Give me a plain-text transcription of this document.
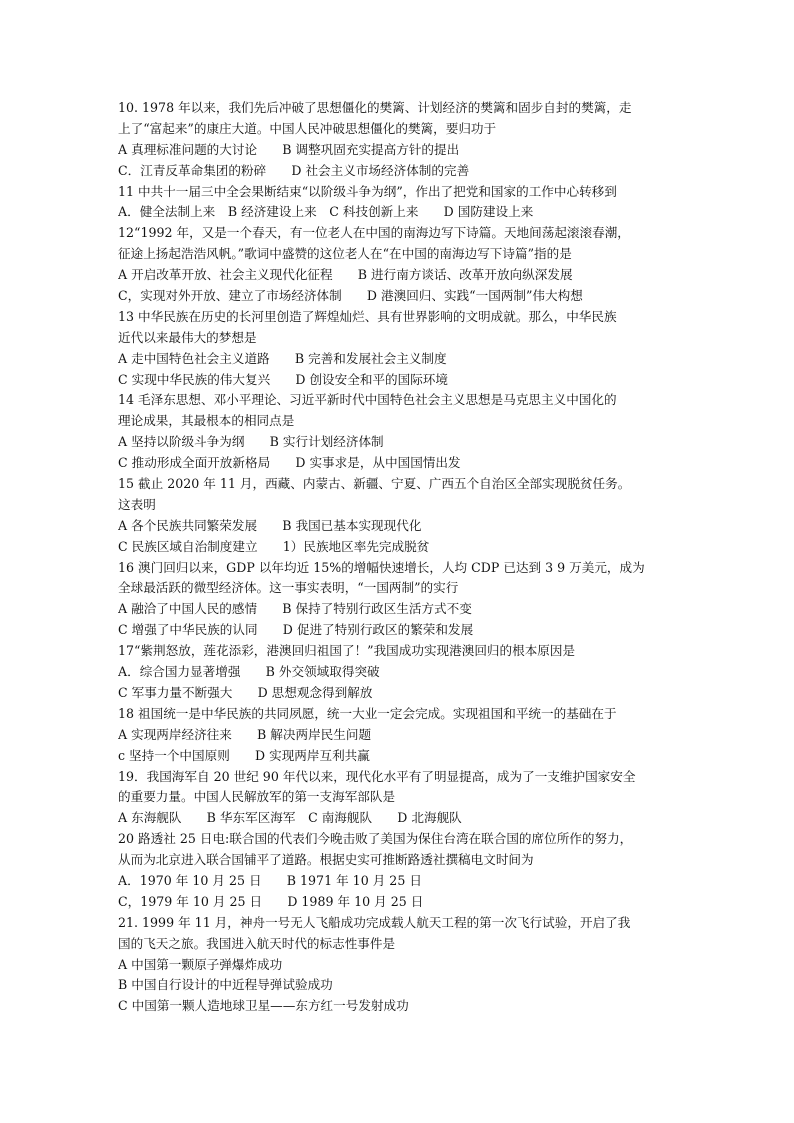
10. 1978 年以来，我们先后冲破了思想僵化的樊篱、计划经济的樊篱和固步自封的樊篱，走
上了“富起来”的康庄大道。中国人民冲破思想僵化的樊篱，要归功于
A 真理标准问题的大讨论　　B 调整巩固充实提高方针的提出
C．江青反革命集团的粉碎　　D 社会主义市场经济体制的完善
11 中共十一届三中全会果断结束“以阶级斗争为纲”，作出了把党和国家的工作中心转移到
A．健全法制上来　B 经济建设上来　C 科技创新上来　　D 国防建设上来
12“1992 年，又是一个春天，有一位老人在中国的南海边写下诗篇。天地间荡起滚滚春潮，
征途上扬起浩浩风帆。”歌词中盛赞的这位老人在“在中国的南海边写下诗篇”指的是
A 开启改革开放、社会主义现代化征程　　B 进行南方谈话、改革开放向纵深发展
C，实现对外开放、建立了市场经济体制　　D 港澳回归、实践“一国两制”伟大构想
13 中华民族在历史的长河里创造了辉煌灿烂、具有世界影响的文明成就。那么，中华民族
近代以来最伟大的梦想是
A 走中国特色社会主义道路　　B 完善和发展社会主义制度
C 实现中华民族的伟大复兴　　D 创设安全和平的国际环境
14 毛泽东思想、邓小平理论、习近平新时代中国特色社会主义思想是马克思主义中国化的
理论成果，其最根本的相同点是
A 坚持以阶级斗争为纲　　B 实行计划经济体制
C 推动形成全面开放新格局　　D 实事求是，从中国国情出发
15 截止 2020 年 11 月，西藏、内蒙古、新疆、宁夏、广西五个自治区全部实现脱贫任务。
这表明
A 各个民族共同繁荣发展　　B 我国已基本实现现代化
C 民族区域自治制度建立　　1）民族地区率先完成脱贫
16 澳门回归以来，GDP 以年均近 15%的增幅快速增长，人均 CDP 已达到 3 9 万美元，成为
全球最活跃的微型经济体。这一事实表明，“一国两制”的实行
A 融洽了中国人民的感情　　B 保持了特别行政区生活方式不变
C 增强了中华民族的认同　　D 促进了特别行政区的繁荣和发展
17“紫荆怒放，莲花添彩，港澳回归祖国了！”我国成功实现港澳回归的根本原因是
A．综合国力显著增强　　B 外交领域取得突破
C 军事力量不断强大　　D 思想观念得到解放
18 祖国统一是中华民族的共同夙愿，统一大业一定会完成。实现祖国和平统一的基础在于
A 实现两岸经济往来　　B 解决两岸民生问题
c 坚持一个中国原则　　D 实现两岸互利共赢
19．我国海军自 20 世纪 90 年代以来，现代化水平有了明显提高，成为了一支维护国家安全
的重要力量。中国人民解放军的第一支海军部队是
A 东海舰队　　B 华东军区海军　C 南海舰队　　D 北海舰队
20 路透社 25 日电:联合国的代表们今晚击败了美国为保住台湾在联合国的席位所作的努力，
从而为北京进入联合国铺平了道路。根据史实可推断路透社撰稿电文时间为
A．1970 年 10 月 25 日　　B 1971 年 10 月 25 日
C，1979 年 10 月 25 日　　D 1989 年 10 月 25 日
21. 1999 年 11 月，神舟一号无人飞船成功完成载人航天工程的第一次飞行试验，开启了我
国的飞天之旅。我国进入航天时代的标志性事件是
A 中国第一颗原子弹爆炸成功
B 中国自行设计的中近程导弹试验成功
C 中国第一颗人造地球卫星——东方红一号发射成功
